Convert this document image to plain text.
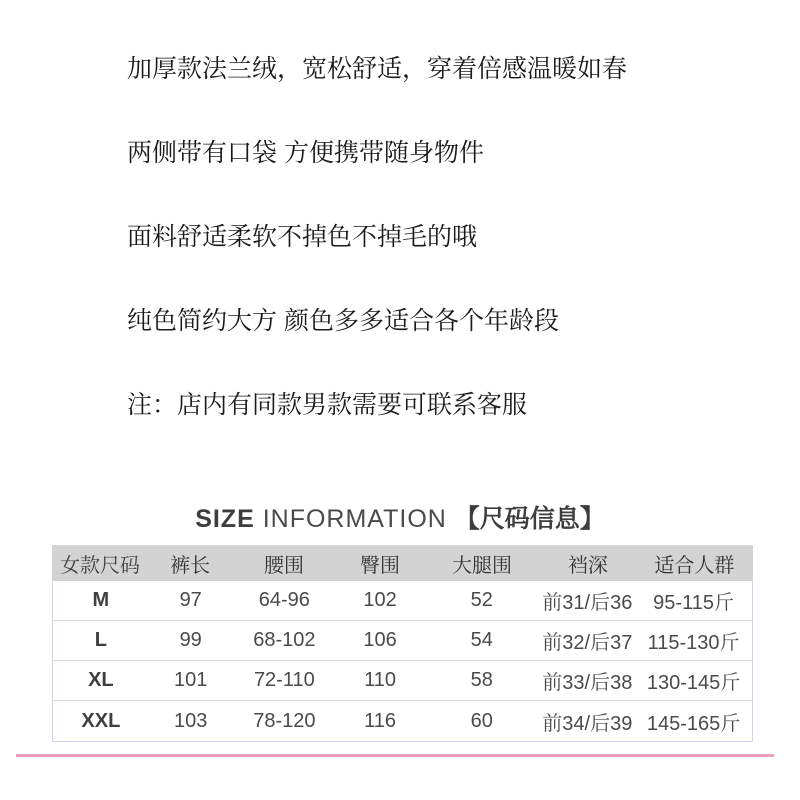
加厚款法兰绒，宽松舒适，穿着倍感温暖如春
两侧带有口袋 方便携带随身物件
面料舒适柔软不掉色不掉毛的哦
纯色简约大方 颜色多多适合各个年龄段
注：店内有同款男款需要可联系客服
SIZE INFORMATION 【尺码信息】
女款尺码	裤长	腰围	臀围	大腿围	裆深	适合人群
M	97	64-96	102	52	前31/后36	95-115斤
L	99	68-102	106	54	前32/后37 115-130斤
XL	101	72-110	110	58	前33/后38 130-145斤
XXL	103	78-120	116	60	前34/后39 145-165斤
